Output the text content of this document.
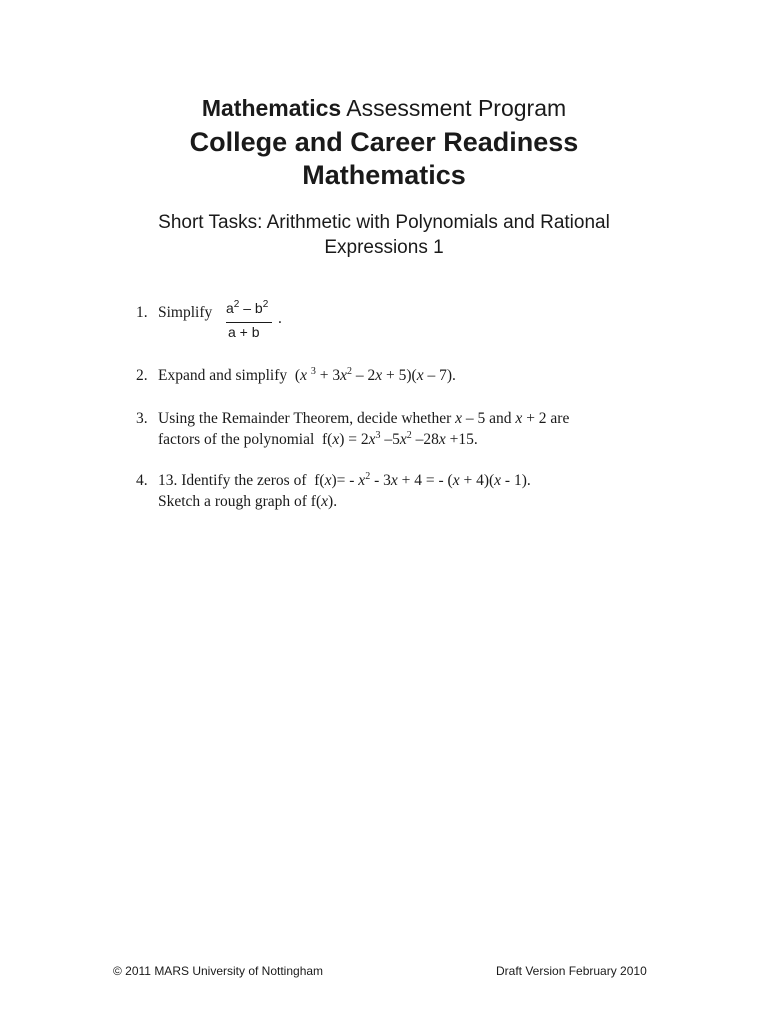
Mathematics Assessment Program
College and Career Readiness
Mathematics
Short Tasks: Arithmetic with Polynomials and Rational
Expressions 1
1. Simplify $a^2 - b^2$
a + b
.
2. Expand and simplify  (x $^3 + 3x^2 - 2x + 5)(x - 7)$.
3. Using the Remainder Theorem, decide whether x – 5 and x + 2 are
factors of the polynomial  $f(x) = 2x^3$ $-5x^2$ –28x +15.
4. 13. Identify the zeros of  $f(x)= - x^2 - 3x + 4$ = - (x + 4)(x - 1).
Sketch a rough graph of f(x).
© 2011 MARS University of Nottingham	Draft Version February 2010
